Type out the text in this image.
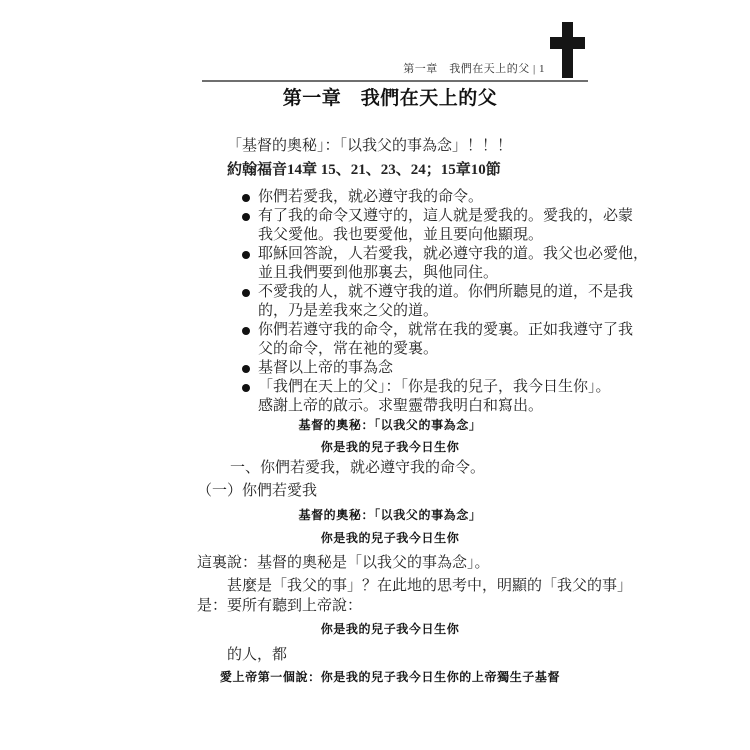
第一章　我們在天上的父 | 1
第一章　我們在天上的父
「基督的奧秘」：「以我父的事為念」！！！
約翰福音14章 15、21、23、24；15章10節
你們若愛我，就必遵守我的命令。
有了我的命令又遵守的，這人就是愛我的。愛我的，必蒙
我父愛他。我也要愛他，並且要向他顯現。
耶穌回答說，人若愛我，就必遵守我的道。我父也必愛他，
並且我們要到他那裏去，與他同住。
不愛我的人，就不遵守我的道。你們所聽見的道，不是我
的，乃是差我來之父的道。
你們若遵守我的命令，就常在我的愛裏。正如我遵守了我
父的命令，常在祂的愛裏。
基督以上帝的事為念
「我們在天上的父」：「你是我的兒子，我今日生你」。
感謝上帝的啟示。求聖靈帶我明白和寫出。
基督的奧秘：「以我父的事為念」
你是我的兒子我今日生你
一、你們若愛我，就必遵守我的命令。
（一）你們若愛我
基督的奧秘：「以我父的事為念」
你是我的兒子我今日生你
這裏說：基督的奧秘是「以我父的事為念」。
甚麼是「我父的事」？在此地的思考中，明顯的「我父的事」
是：要所有聽到上帝說：
你是我的兒子我今日生你
的人，都
愛上帝第一個說：你是我的兒子我今日生你的上帝獨生子基督
